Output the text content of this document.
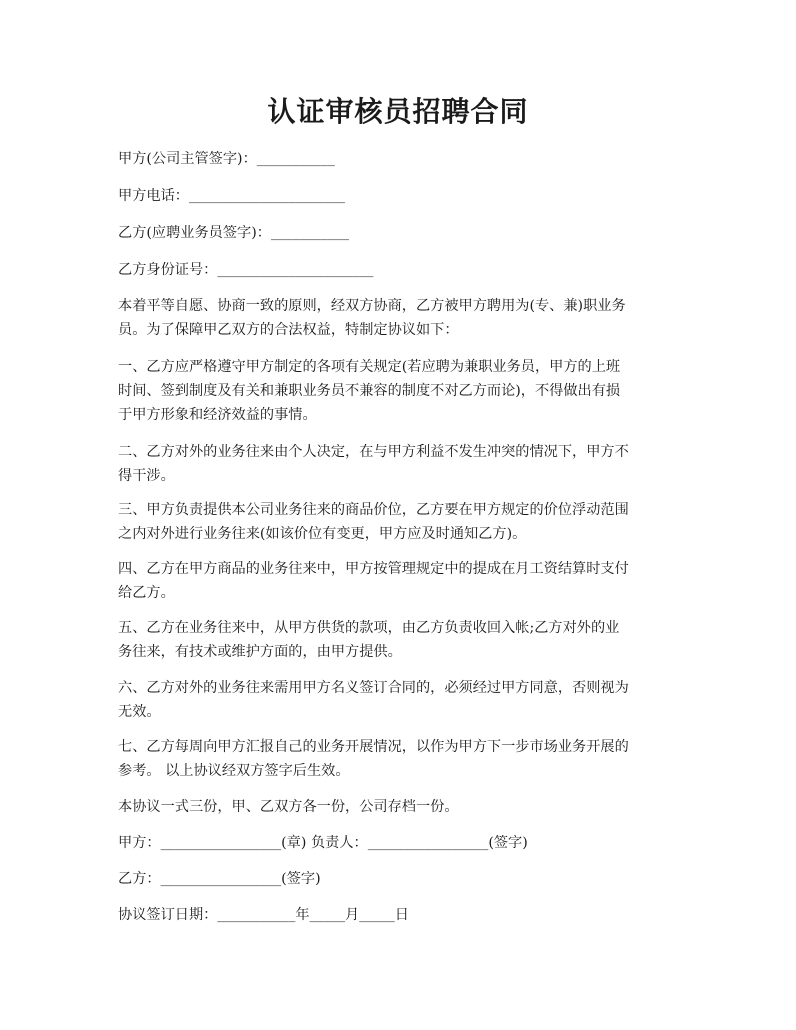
认证审核员招聘合同
甲方(公司主管签字)：___________
甲方电话：______________________
乙方(应聘业务员签字)：___________
乙方身份证号：______________________
本着平等自愿、协商一致的原则，经双方协商，乙方被甲方聘用为(专、兼)职业务
员。为了保障甲乙双方的合法权益，特制定协议如下：
一、乙方应严格遵守甲方制定的各项有关规定(若应聘为兼职业务员，甲方的上班
时间、签到制度及有关和兼职业务员不兼容的制度不对乙方而论)，不得做出有损
于甲方形象和经济效益的事情。
二、乙方对外的业务往来由个人决定，在与甲方利益不发生冲突的情况下，甲方不
得干涉。
三、甲方负责提供本公司业务往来的商品价位，乙方要在甲方规定的价位浮动范围
之内对外进行业务往来(如该价位有变更，甲方应及时通知乙方)。
四、乙方在甲方商品的业务往来中，甲方按管理规定中的提成在月工资结算时支付
给乙方。
五、乙方在业务往来中，从甲方供货的款项，由乙方负责收回入帐;乙方对外的业
务往来，有技术或维护方面的，由甲方提供。
六、乙方对外的业务往来需用甲方名义签订合同的，必须经过甲方同意，否则视为
无效。
七、乙方每周向甲方汇报自己的业务开展情况，以作为甲方下一步市场业务开展的
参考。 以上协议经双方签字后生效。
本协议一式三份，甲、乙双方各一份，公司存档一份。
甲方：_________________(章) 负责人：_________________(签字)
乙方：_________________(签字)
协议签订日期：___________年_____月_____日
